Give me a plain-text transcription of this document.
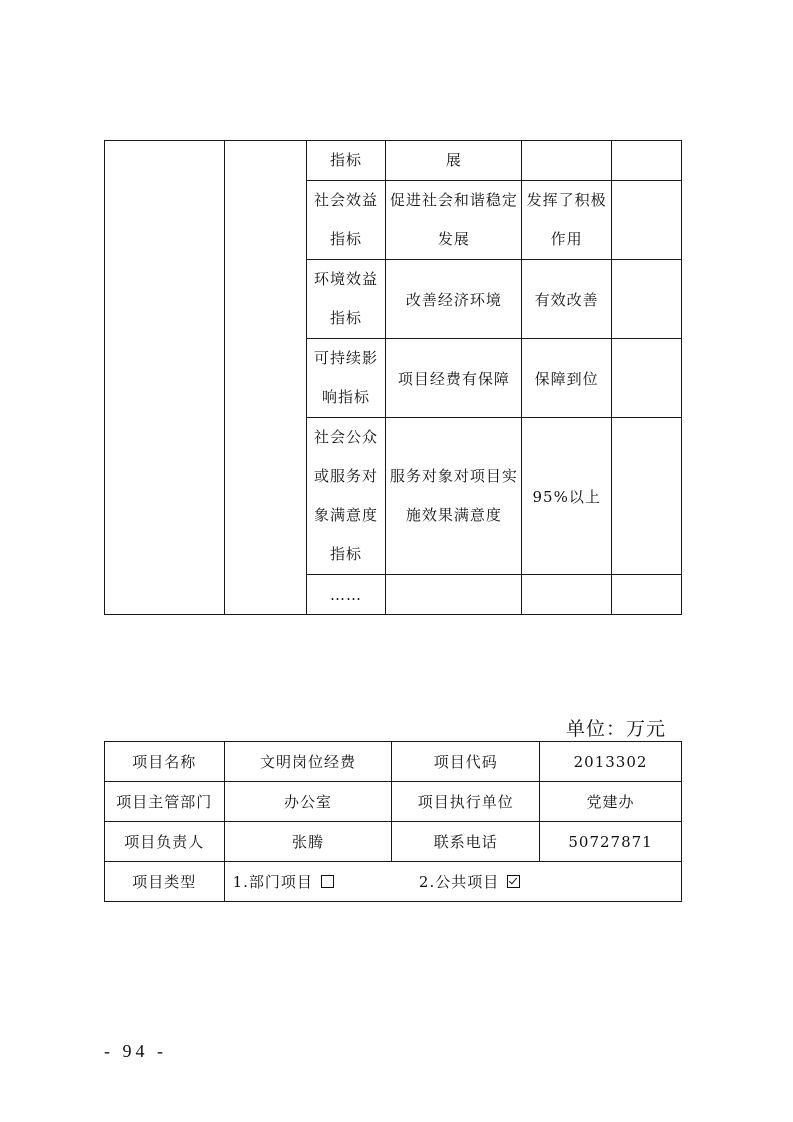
		指标	展		
		社会效益指标	促进社会和谐稳定发展	发挥了积极作用	
		环境效益指标	改善经济环境	有效改善	
		可持续影响指标	项目经费有保障	保障到位	
		社会公众或服务对象满意度指标	服务对象对项目实施效果满意度	95%以上	
		……			
单位：万元
项目名称	文明岗位经费	项目代码	2013302
项目主管部门	办公室	项目执行单位	党建办
项目负责人	张腾	联系电话	50727871
项目类型	1.部门项目 2.公共项目		
- 94 -
